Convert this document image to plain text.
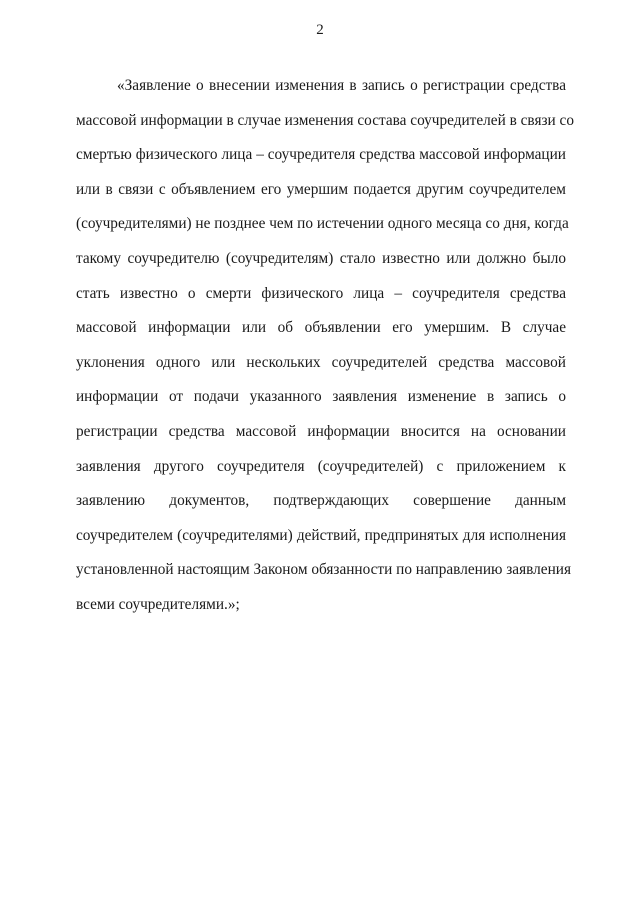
2
«Заявление о внесении изменения в запись о регистрации средства
массовой информации в случае изменения состава соучредителей в связи со
смертью физического лица – соучредителя средства массовой информации
или в связи с объявлением его умершим подается другим соучредителем
(соучредителями) не позднее чем по истечении одного месяца со дня, когда
такому соучредителю (соучредителям) стало известно или должно было
стать известно о смерти физического лица – соучредителя средства
массовой информации или об объявлении его умершим. В случае
уклонения одного или нескольких соучредителей средства массовой
информации от подачи указанного заявления изменение в запись о
регистрации средства массовой информации вносится на основании
заявления другого соучредителя (соучредителей) с приложением к
заявлению документов, подтверждающих совершение данным
соучредителем (соучредителями) действий, предпринятых для исполнения
установленной настоящим Законом обязанности по направлению заявления
всеми соучредителями.»;
